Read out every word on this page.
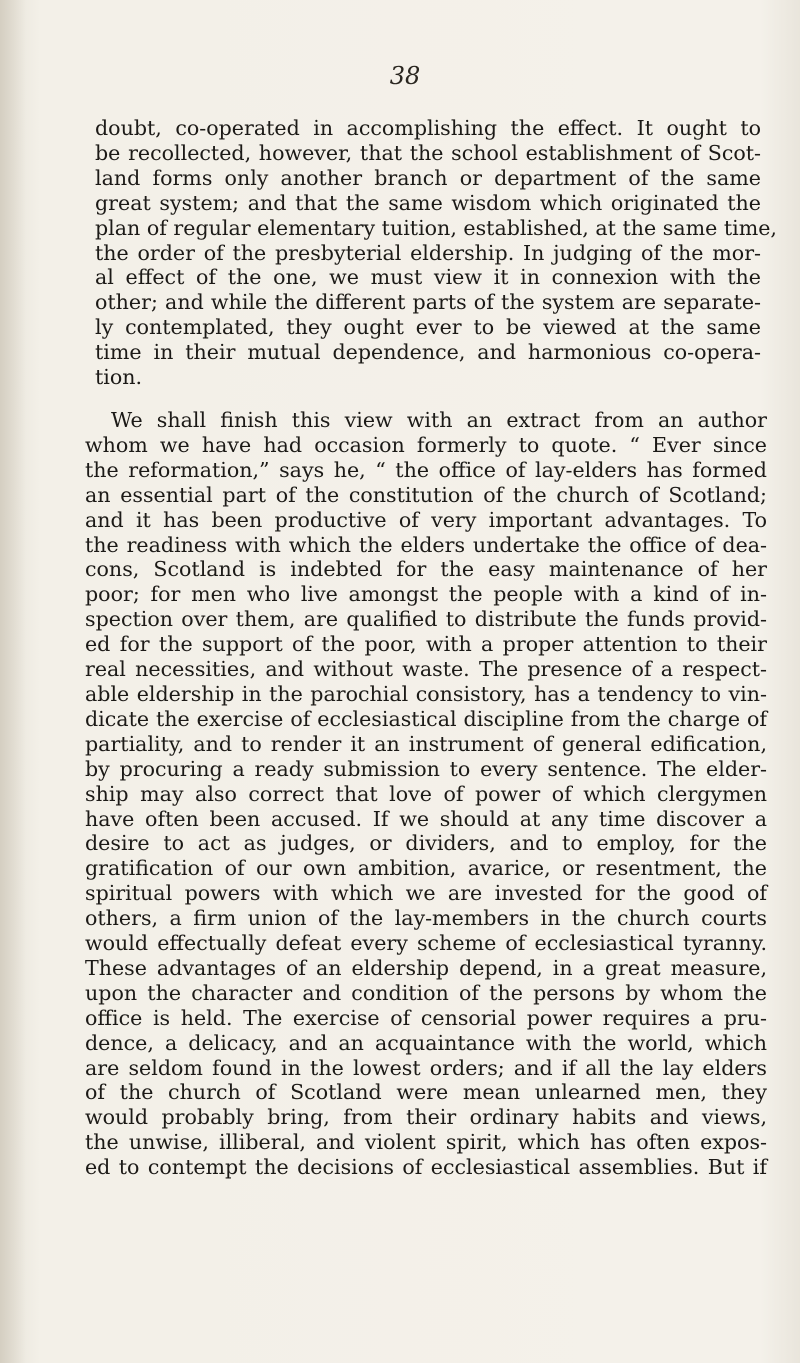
38
doubt, co-operated in accomplishing the effect. It ought to
be recollected, however, that the school establishment of Scot-
land forms only another branch or department of the same
great system; and that the same wisdom which originated the
plan of regular elementary tuition, established, at the same time,
the order of the presbyterial eldership. In judging of the mor-
al effect of the one, we must view it in connexion with the
other; and while the different parts of the system are separate-
ly contemplated, they ought ever to be viewed at the same
time in their mutual dependence, and harmonious co-opera-
tion.
We shall finish this view with an extract from an author
whom we have had occasion formerly to quote. “ Ever since
the reformation,” says he, “ the office of lay-elders has formed
an essential part of the constitution of the church of Scotland;
and it has been productive of very important advantages. To
the readiness with which the elders undertake the office of dea-
cons, Scotland is indebted for the easy maintenance of her
poor; for men who live amongst the people with a kind of in-
spection over them, are qualified to distribute the funds provid-
ed for the support of the poor, with a proper attention to their
real necessities, and without waste. The presence of a respect-
able eldership in the parochial consistory, has a tendency to vin-
dicate the exercise of ecclesiastical discipline from the charge of
partiality, and to render it an instrument of general edification,
by procuring a ready submission to every sentence. The elder-
ship may also correct that love of power of which clergymen
have often been accused. If we should at any time discover a
desire to act as judges, or dividers, and to employ, for the
gratification of our own ambition, avarice, or resentment, the
spiritual powers with which we are invested for the good of
others, a firm union of the lay-members in the church courts
would effectually defeat every scheme of ecclesiastical tyranny.
These advantages of an eldership depend, in a great measure,
upon the character and condition of the persons by whom the
office is held. The exercise of censorial power requires a pru-
dence, a delicacy, and an acquaintance with the world, which
are seldom found in the lowest orders; and if all the lay elders
of the church of Scotland were mean unlearned men, they
would probably bring, from their ordinary habits and views,
the unwise, illiberal, and violent spirit, which has often expos-
ed to contempt the decisions of ecclesiastical assemblies. But if
